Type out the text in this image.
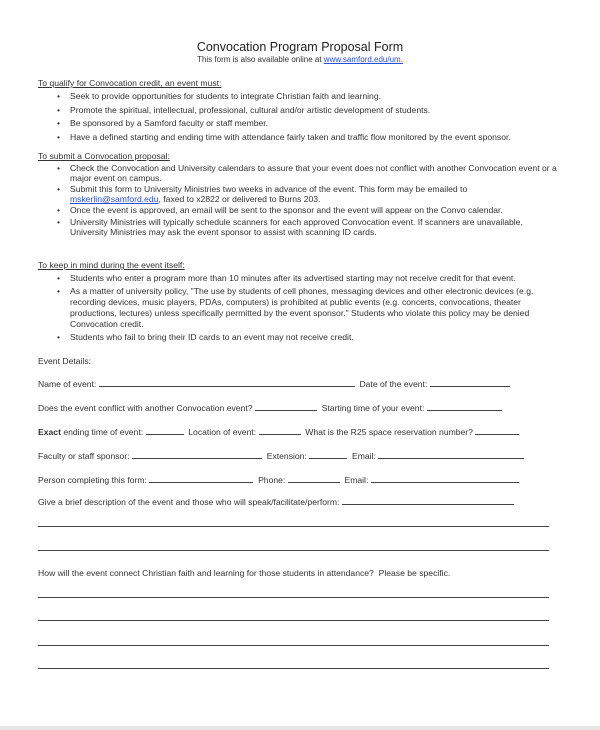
Convocation Program Proposal Form
This form is also available online at www.samford.edu/um.
To qualify for Convocation credit, an event must:
• Seek to provide opportunities for students to integrate Christian faith and learning.
• Promote the spiritual, intellectual, professional, cultural and/or artistic development of students.
• Be sponsored by a Samford faculty or staff member.
• Have a defined starting and ending time with attendance fairly taken and traffic flow monitored by the event sponsor.
To submit a Convocation proposal:
• Check the Convocation and University calendars to assure that your event does not conflict with another Convocation event or a major event on campus.
• Submit this form to University Ministries two weeks in advance of the event. This form may be emailed to mskerlin@samford.edu, faxed to x2822 or delivered to Burns 203.
• Once the event is approved, an email will be sent to the sponsor and the event will appear on the Convo calendar.
• University Ministries will typically schedule scanners for each approved Convocation event. If scanners are unavailable, University Ministries may ask the event sponsor to assist with scanning ID cards.
To keep in mind during the event itself:
• Students who enter a program more than 10 minutes after its advertised starting may not receive credit for that event.
• As a matter of university policy, "The use by students of cell phones, messaging devices and other electronic devices (e.g. recording devices, music players, PDAs, computers) is prohibited at public events (e.g. concerts, convocations, theater productions, lectures) unless specifically permitted by the event sponsor." Students who violate this policy may be denied Convocation credit.
• Students who fail to bring their ID cards to an event may not receive credit.
Event Details:
Name of event:	Date of the event:
Does the event conflict with another Convocation event?	Starting time of your event:
Exact ending time of event:	Location of event:	What is the R25 space reservation number?
Faculty or staff sponsor:	Extension:	Email:
Person completing this form:	Phone:	Email:
Give a brief description of the event and those who will speak/facilitate/perform:
How will the event connect Christian faith and learning for those students in attendance?  Please be specific.
